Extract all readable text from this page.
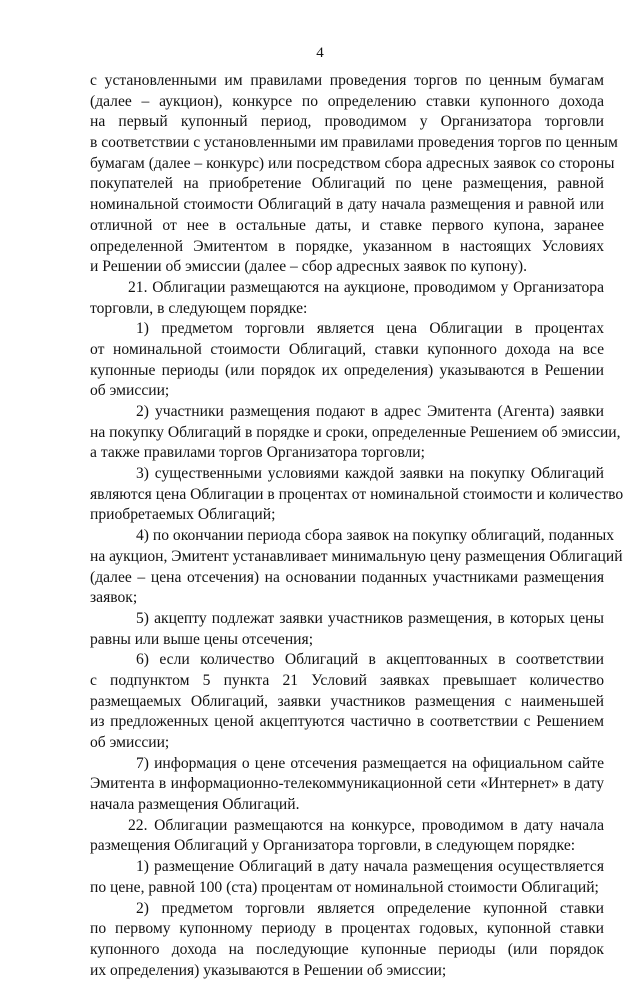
4
с установленными им правилами проведения торгов по ценным бумагам
(далее – аукцион), конкурсе по определению ставки купонного дохода
на первый купонный период, проводимом у Организатора торговли
в соответствии с установленными им правилами проведения торгов по ценным
бумагам (далее – конкурс) или посредством сбора адресных заявок со стороны
покупателей на приобретение Облигаций по цене размещения, равной
номинальной стоимости Облигаций в дату начала размещения и равной или
отличной от нее в остальные даты, и ставке первого купона, заранее
определенной Эмитентом в порядке, указанном в настоящих Условиях
и Решении об эмиссии (далее – сбор адресных заявок по купону).
21. Облигации размещаются на аукционе, проводимом у Организатора
торговли, в следующем порядке:
1) предметом торговли является цена Облигации в процентах
от номинальной стоимости Облигаций, ставки купонного дохода на все
купонные периоды (или порядок их определения) указываются в Решении
об эмиссии;
2) участники размещения подают в адрес Эмитента (Агента) заявки
на покупку Облигаций в порядке и сроки, определенные Решением об эмиссии,
а также правилами торгов Организатора торговли;
3) существенными условиями каждой заявки на покупку Облигаций
являются цена Облигации в процентах от номинальной стоимости и количество
приобретаемых Облигаций;
4) по окончании периода сбора заявок на покупку облигаций, поданных
на аукцион, Эмитент устанавливает минимальную цену размещения Облигаций
(далее – цена отсечения) на основании поданных участниками размещения
заявок;
5) акцепту подлежат заявки участников размещения, в которых цены
равны или выше цены отсечения;
6) если количество Облигаций в акцептованных в соответствии
с подпунктом 5 пункта 21 Условий заявках превышает количество
размещаемых Облигаций, заявки участников размещения с наименьшей
из предложенных ценой акцептуются частично в соответствии с Решением
об эмиссии;
7) информация о цене отсечения размещается на официальном сайте
Эмитента в информационно-телекоммуникационной сети «Интернет» в дату
начала размещения Облигаций.
22. Облигации размещаются на конкурсе, проводимом в дату начала
размещения Облигаций у Организатора торговли, в следующем порядке:
1) размещение Облигаций в дату начала размещения осуществляется
по цене, равной 100 (ста) процентам от номинальной стоимости Облигаций;
2) предметом торговли является определение купонной ставки
по первому купонному периоду в процентах годовых, купонной ставки
купонного дохода на последующие купонные периоды (или порядок
их определения) указываются в Решении об эмиссии;
